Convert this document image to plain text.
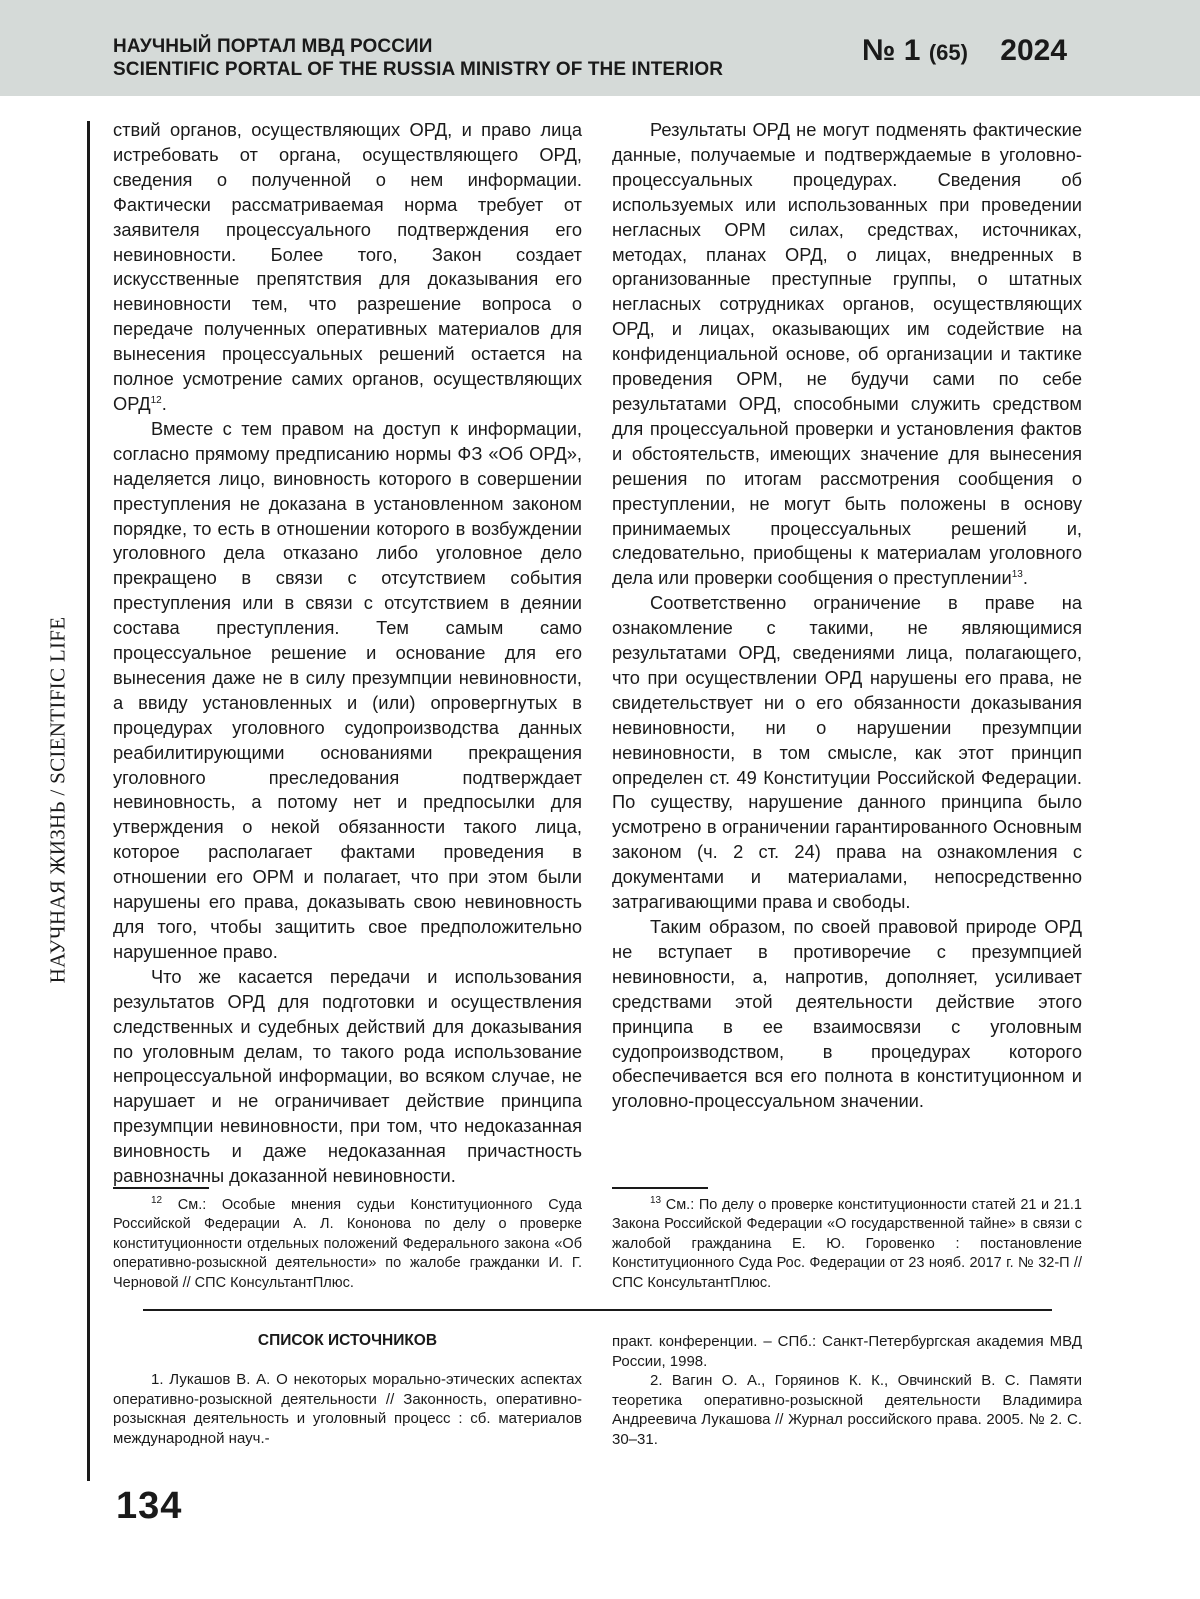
НАУЧНЫЙ ПОРТАЛ МВД РОССИИ
SCIENTIFIC PORTAL OF THE RUSSIA MINISTRY OF THE INTERIOR
№ 1 (65) 2024
НАУЧНАЯ ЖИЗНЬ / SCIENTIFIC LIFE

ствий органов, осуществляющих ОРД, и право лица истребовать от органа, осуществляющего ОРД, сведения о полученной о нем информации. Фактически рассматриваемая норма требует от заявителя процессуального подтверждения его невиновности. Более того, Закон создает искусственные препятствия для доказывания его невиновности тем, что разрешение вопроса о передаче полученных оперативных материалов для вынесения процессуальных решений остается на полное усмотрение самих органов, осуществляющих ОРД$^{12}$.

Вместе с тем правом на доступ к информации, согласно прямому предписанию нормы ФЗ «Об ОРД», наделяется лицо, виновность которого в совершении преступления не доказана в установленном законом порядке, то есть в отношении которого в возбуждении уголовного дела отказано либо уголовное дело прекращено в связи с отсутствием события преступления или в связи с отсутствием в деянии состава преступления. Тем самым само процессуальное решение и основание для его вынесения даже не в силу презумпции невиновности, а ввиду установленных и (или) опровергнутых в процедурах уголовного судопроизводства данных реабилитирующими основаниями прекращения уголовного преследования подтверждает невиновность, а потому нет и предпосылки для утверждения о некой обязанности такого лица, которое располагает фактами проведения в отношении его ОРМ и полагает, что при этом были нарушены его права, доказывать свою невиновность для того, чтобы защитить свое предположительно нарушенное право.

Что же касается передачи и использования результатов ОРД для подготовки и осуществления следственных и судебных действий для доказывания по уголовным делам, то такого рода использование непроцессуальной информации, во всяком случае, не нарушает и не ограничивает действие принципа презумпции невиновности, при том, что недоказанная виновность и даже недоказанная причастность равнозначны доказанной невиновности.

Результаты ОРД не могут подменять фактические данные, получаемые и подтверждаемые в уголовно-процессуальных процедурах. Сведения об используемых или использованных при проведении негласных ОРМ силах, средствах, источниках, методах, планах ОРД, о лицах, внедренных в организованные преступные группы, о штатных негласных сотрудниках органов, осуществляющих ОРД, и лицах, оказывающих им содействие на конфиденциальной основе, об организации и тактике проведения ОРМ, не будучи сами по себе результатами ОРД, способными служить средством для процессуальной проверки и установления фактов и обстоятельств, имеющих значение для вынесения решения по итогам рассмотрения сообщения о преступлении, не могут быть положены в основу принимаемых процессуальных решений и, следовательно, приобщены к материалам уголовного дела или проверки сообщения о преступлении$^{13}$.

Соответственно ограничение в праве на ознакомление с такими, не являющимися результатами ОРД, сведениями лица, полагающего, что при осуществлении ОРД нарушены его права, не свидетельствует ни о его обязанности доказывания невиновности, ни о нарушении презумпции невиновности, в том смысле, как этот принцип определен ст. 49 Конституции Российской Федерации. По существу, нарушение данного принципа было усмотрено в ограничении гарантированного Основным законом (ч. 2 ст. 24) права на ознакомления с документами и материалами, непосредственно затрагивающими права и свободы.

Таким образом, по своей правовой природе ОРД не вступает в противоречие с презумпцией невиновности, а, напротив, дополняет, усиливает средствами этой деятельности действие этого принципа в ее взаимосвязи с уголовным судопроизводством, в процедурах которого обеспечивается вся его полнота в конституционном и уголовно-процессуальном значении.

$^{12}$ См.: Особые мнения судьи Конституционного Суда Российской Федерации А. Л. Кононова по делу о проверке конституционности отдельных положений Федерального закона «Об оперативно-розыскной деятельности» по жалобе гражданки И. Г. Черновой // СПС КонсультантПлюс.

$^{13}$ См.: По делу о проверке конституционности статей 21 и 21.1 Закона Российской Федерации «О государственной тайне» в связи с жалобой гражданина Е. Ю. Горовенко : постановление Конституционного Суда Рос. Федерации от 23 нояб. 2017 г. № 32-П // СПС КонсультантПлюс.

СПИСОК ИСТОЧНИКОВ

1. Лукашов В. А. О некоторых морально-этических аспектах оперативно-розыскной деятельности // Законность, оперативно-розыскная деятельность и уголовный процесс : сб. материалов международной науч.-

практ. конференции. – СПб.: Санкт-Петербургская академия МВД России, 1998.

2. Вагин О. А., Горяинов К. К., Овчинский В. С. Памяти теоретика оперативно-розыскной деятельности Владимира Андреевича Лукашова // Журнал российского права. 2005. № 2. С. 30–31.

134
